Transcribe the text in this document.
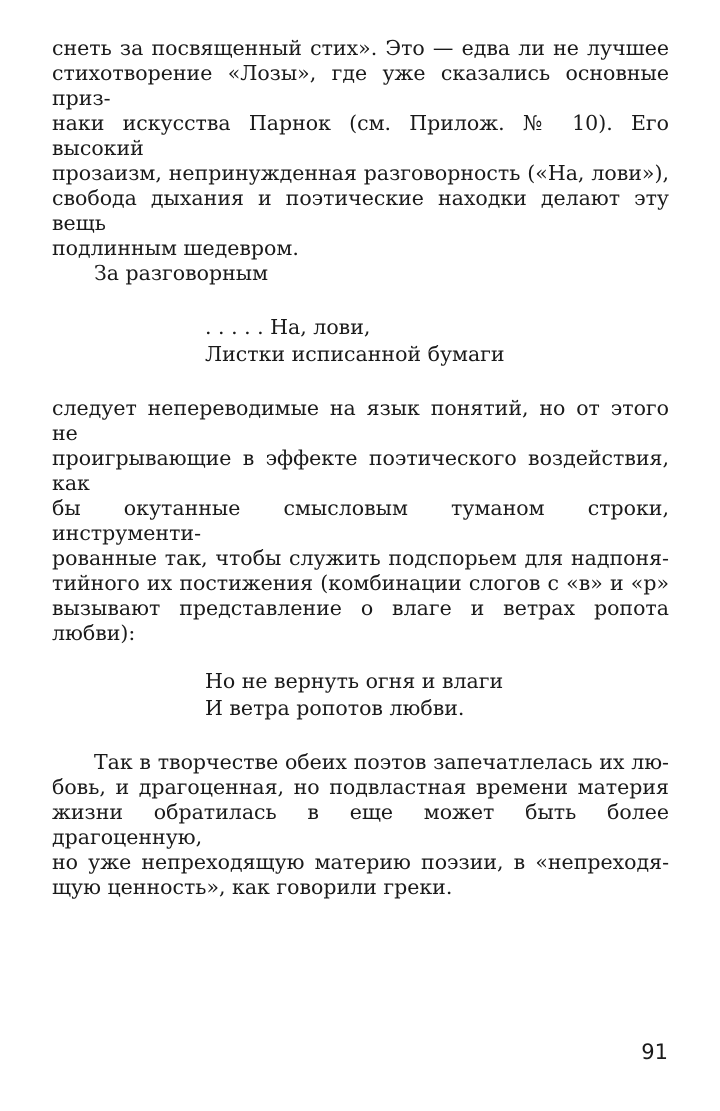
снеть за посвященный стих». Это — едва ли не лучшее
стихотворение «Лозы», где уже сказались основные приз-
наки искусства Парнок (см. Прилож. № 10). Его высокий
прозаизм, непринужденная разговорность («На, лови»),
свобода дыхания и поэтические находки делают эту вещь
подлинным шедевром.
За разговорным
. . . . . На, лови,
Листки исписанной бумаги
следует непереводимые на язык понятий, но от этого не
проигрывающие в эффекте поэтического воздействия, как
бы окутанные смысловым туманом строки, инструменти-
рованные так, чтобы служить подспорьем для надпоня-
тийного их постижения (комбинации слогов с «в» и «р»
вызывают представление о влаге и ветрах ропота любви):
Но не вернуть огня и влаги
И ветра ропотов любви.
Так в творчестве обеих поэтов запечатлелась их лю-
бовь, и драгоценная, но подвластная времени материя
жизни обратилась в еще может быть более драгоценную,
но уже непреходящую материю поэзии, в «непреходя-
щую ценность», как говорили греки.
91
